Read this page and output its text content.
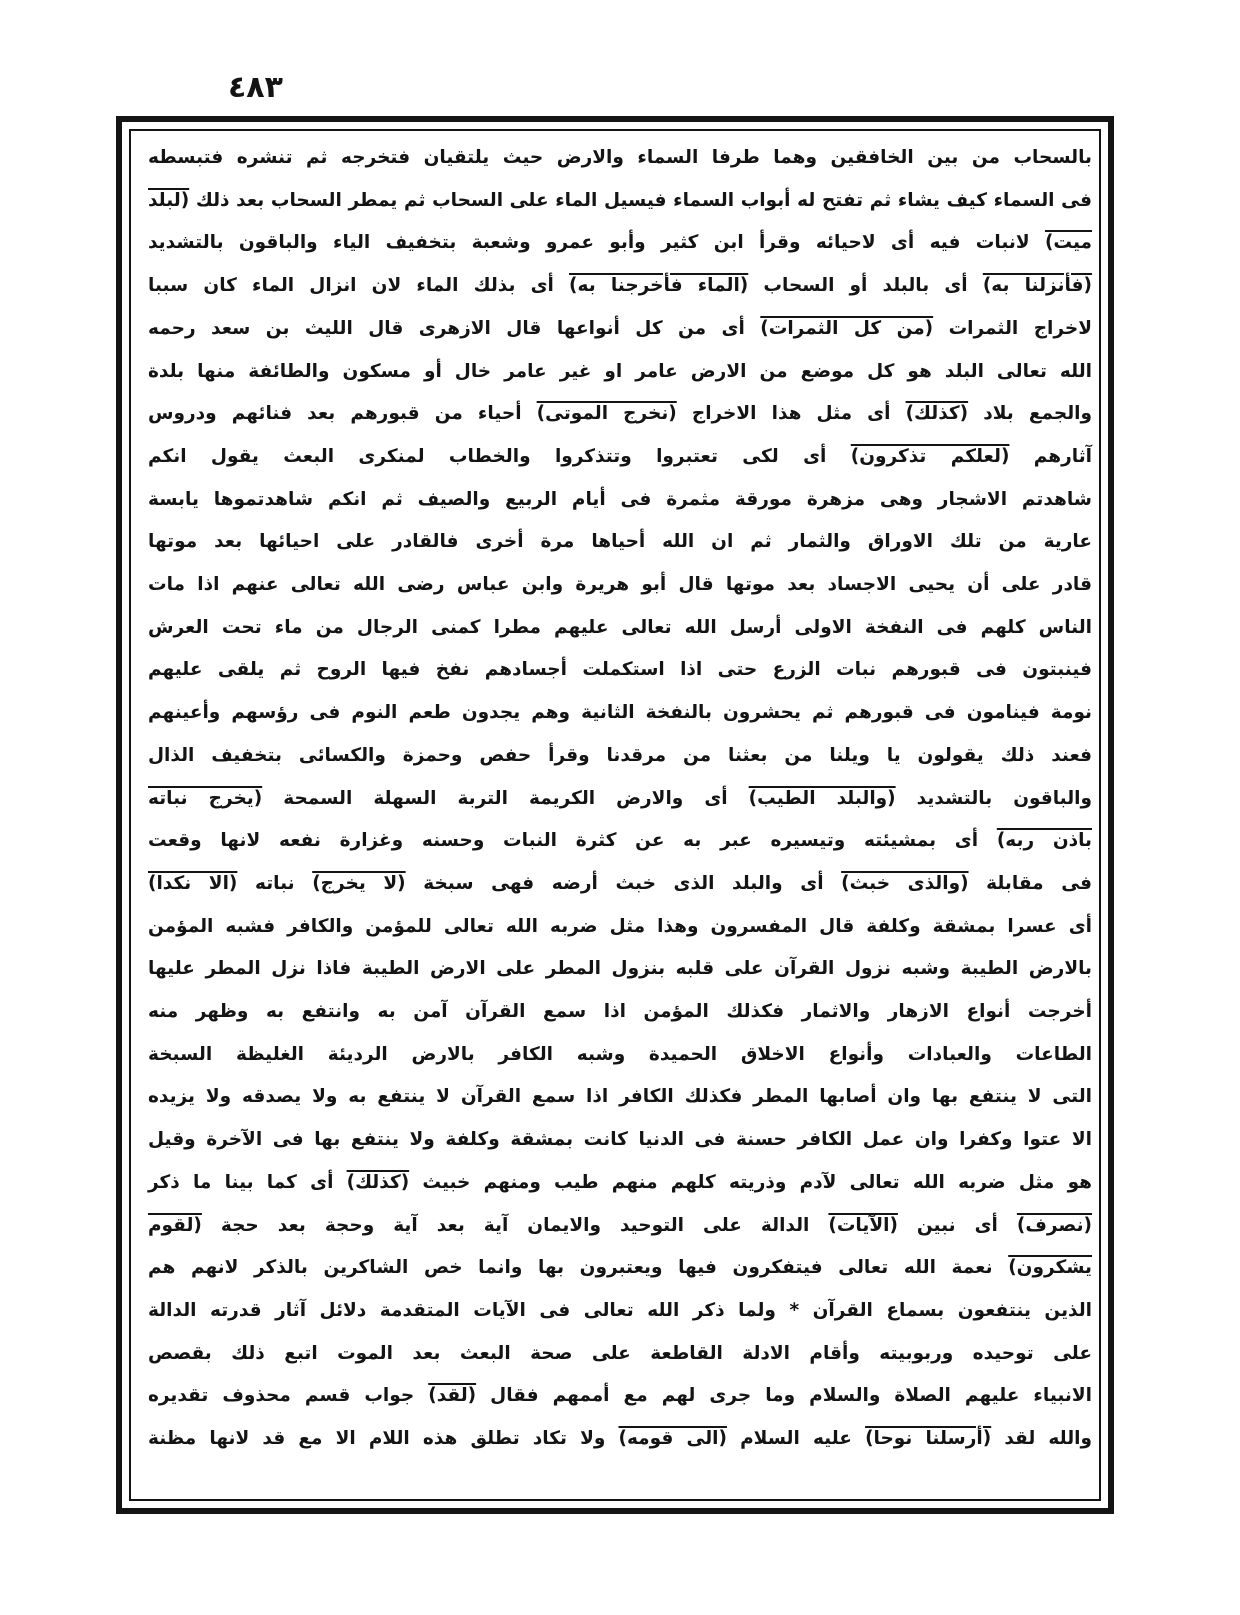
٤٨٣
بالسحاب من بين الخافقين وهما طرفا السماء والارض حيث يلتقيان فتخرجه ثم تنشره فتبسطه
فى السماء كيف يشاء ثم تفتح له أبواب السماء فيسيل الماء على السحاب ثم يمطر السحاب بعد ذلك (لبلد
ميت) لانبات فيه أى لاحيائه وقرأ ابن كثير وأبو عمرو وشعبة بتخفيف الياء والباقون بالتشديد
(فأنزلنا به) أى بالبلد أو السحاب (الماء فأخرجنا به) أى بذلك الماء لان انزال الماء كان سببا
لاخراج الثمرات (من كل الثمرات) أى من كل أنواعها قال الازهرى قال الليث بن سعد رحمه
الله تعالى البلد هو كل موضع من الارض عامر او غير عامر خال أو مسكون والطائفة منها بلدة
والجمع بلاد (كذلك) أى مثل هذا الاخراج (نخرج الموتى) أحياء من قبورهم بعد فنائهم ودروس
آثارهم (لعلكم تذكرون) أى لكى تعتبروا وتتذكروا والخطاب لمنكرى البعث يقول انكم
شاهدتم الاشجار وهى مزهرة مورقة مثمرة فى أيام الربيع والصيف ثم انكم شاهدتموها يابسة
عارية من تلك الاوراق والثمار ثم ان الله أحياها مرة أخرى فالقادر على احيائها بعد موتها
قادر على أن يحيى الاجساد بعد موتها قال أبو هريرة وابن عباس رضى الله تعالى عنهم اذا مات
الناس كلهم فى النفخة الاولى أرسل الله تعالى عليهم مطرا كمنى الرجال من ماء تحت العرش
فينبتون فى قبورهم نبات الزرع حتى اذا استكملت أجسادهم نفخ فيها الروح ثم يلقى عليهم
نومة فينامون فى قبورهم ثم يحشرون بالنفخة الثانية وهم يجدون طعم النوم فى رؤسهم وأعينهم
فعند ذلك يقولون يا ويلنا من بعثنا من مرقدنا وقرأ حفص وحمزة والكسائى بتخفيف الذال
والباقون بالتشديد (والبلد الطيب) أى والارض الكريمة التربة السهلة السمحة (يخرج نباته
باذن ربه) أى بمشيئته وتيسيره عبر به عن كثرة النبات وحسنه وغزارة نفعه لانها وقعت
فى مقابلة (والذى خبث) أى والبلد الذى خبث أرضه فهى سبخة (لا يخرج) نباته (الا نكدا)
أى عسرا بمشقة وكلفة قال المفسرون وهذا مثل ضربه الله تعالى للمؤمن والكافر فشبه المؤمن
بالارض الطيبة وشبه نزول القرآن على قلبه بنزول المطر على الارض الطيبة فاذا نزل المطر عليها
أخرجت أنواع الازهار والاثمار فكذلك المؤمن اذا سمع القرآن آمن به وانتفع به وظهر منه
الطاعات والعبادات وأنواع الاخلاق الحميدة وشبه الكافر بالارض الرديئة الغليظة السبخة
التى لا ينتفع بها وان أصابها المطر فكذلك الكافر اذا سمع القرآن لا ينتفع به ولا يصدقه ولا يزيده
الا عتوا وكفرا وان عمل الكافر حسنة فى الدنيا كانت بمشقة وكلفة ولا ينتفع بها فى الآخرة وقيل
هو مثل ضربه الله تعالى لآدم وذريته كلهم منهم طيب ومنهم خبيث (كذلك) أى كما بينا ما ذكر
(نصرف) أى نبين (الآيات) الدالة على التوحيد والايمان آية بعد آية وحجة بعد حجة (لقوم
يشكرون) نعمة الله تعالى فيتفكرون فيها ويعتبرون بها وانما خص الشاكرين بالذكر لانهم هم
الذين ينتفعون بسماع القرآن * ولما ذكر الله تعالى فى الآيات المتقدمة دلائل آثار قدرته الدالة
على توحيده وربوبيته وأقام الادلة القاطعة على صحة البعث بعد الموت اتبع ذلك بقصص
الانبياء عليهم الصلاة والسلام وما جرى لهم مع أممهم فقال (لقد) جواب قسم محذوف تقديره
والله لقد (أرسلنا نوحا) عليه السلام (الى قومه) ولا تكاد تطلق هذه اللام الا مع قد لانها مظنة
